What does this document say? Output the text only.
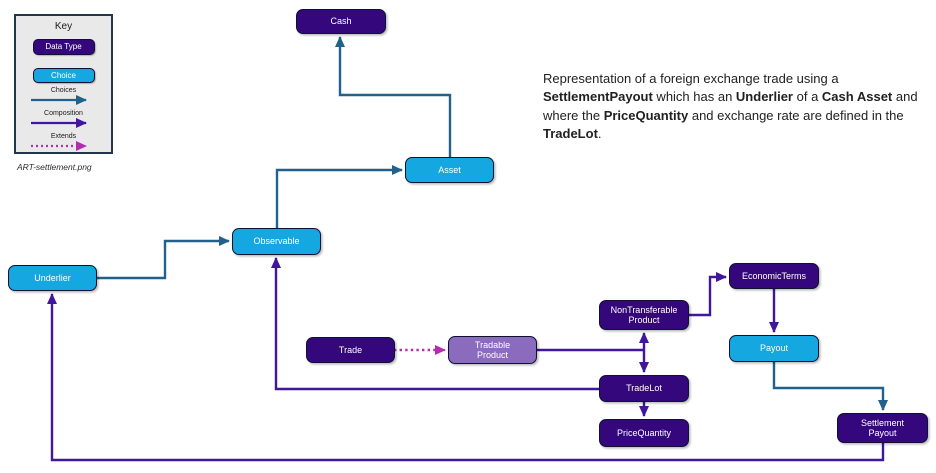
Key
Data Type
Choice
Choices
Composition
Extends
ART-settlement.png
Representation of a foreign exchange trade using a SettlementPayout which has an Underlier of a Cash Asset and where the PriceQuantity and exchange rate are defined in the TradeLot.
Cash
Asset
Observable
Underlier
Trade
Tradable Product
NonTransferable Product
EconomicTerms
Payout
TradeLot
PriceQuantity
Settlement Payout
